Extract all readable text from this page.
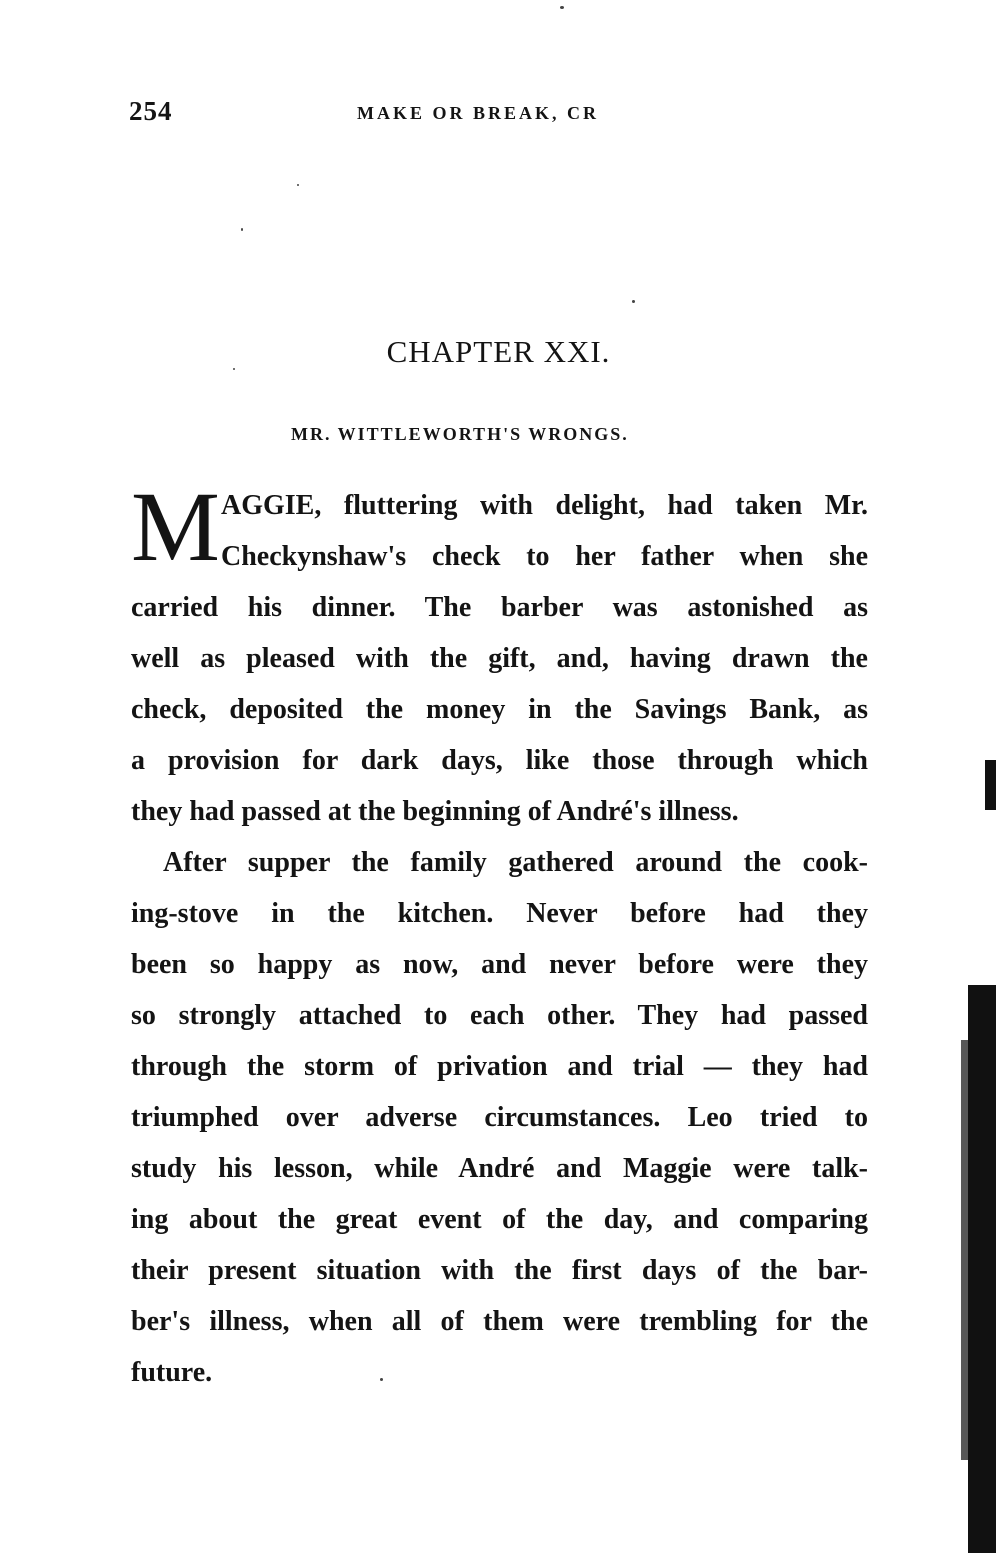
254	MAKE OR BREAK, CR
CHAPTER XXI.
MR. WITTLEWORTH'S WRONGS.
M AGGIE, fluttering with delight, had taken Mr.
Checkynshaw's check to her father when she
carried his dinner. The barber was astonished as
well as pleased with the gift, and, having drawn the
check, deposited the money in the Savings Bank, as
a provision for dark days, like those through which
they had passed at the beginning of André's illness.
After supper the family gathered around the cook-
ing-stove in the kitchen. Never before had they
been so happy as now, and never before were they
so strongly attached to each other. They had passed
through the storm of privation and trial — they had
triumphed over adverse circumstances. Leo tried to
study his lesson, while André and Maggie were talk-
ing about the great event of the day, and comparing
their present situation with the first days of the bar-
ber's illness, when all of them were trembling for the
future.
